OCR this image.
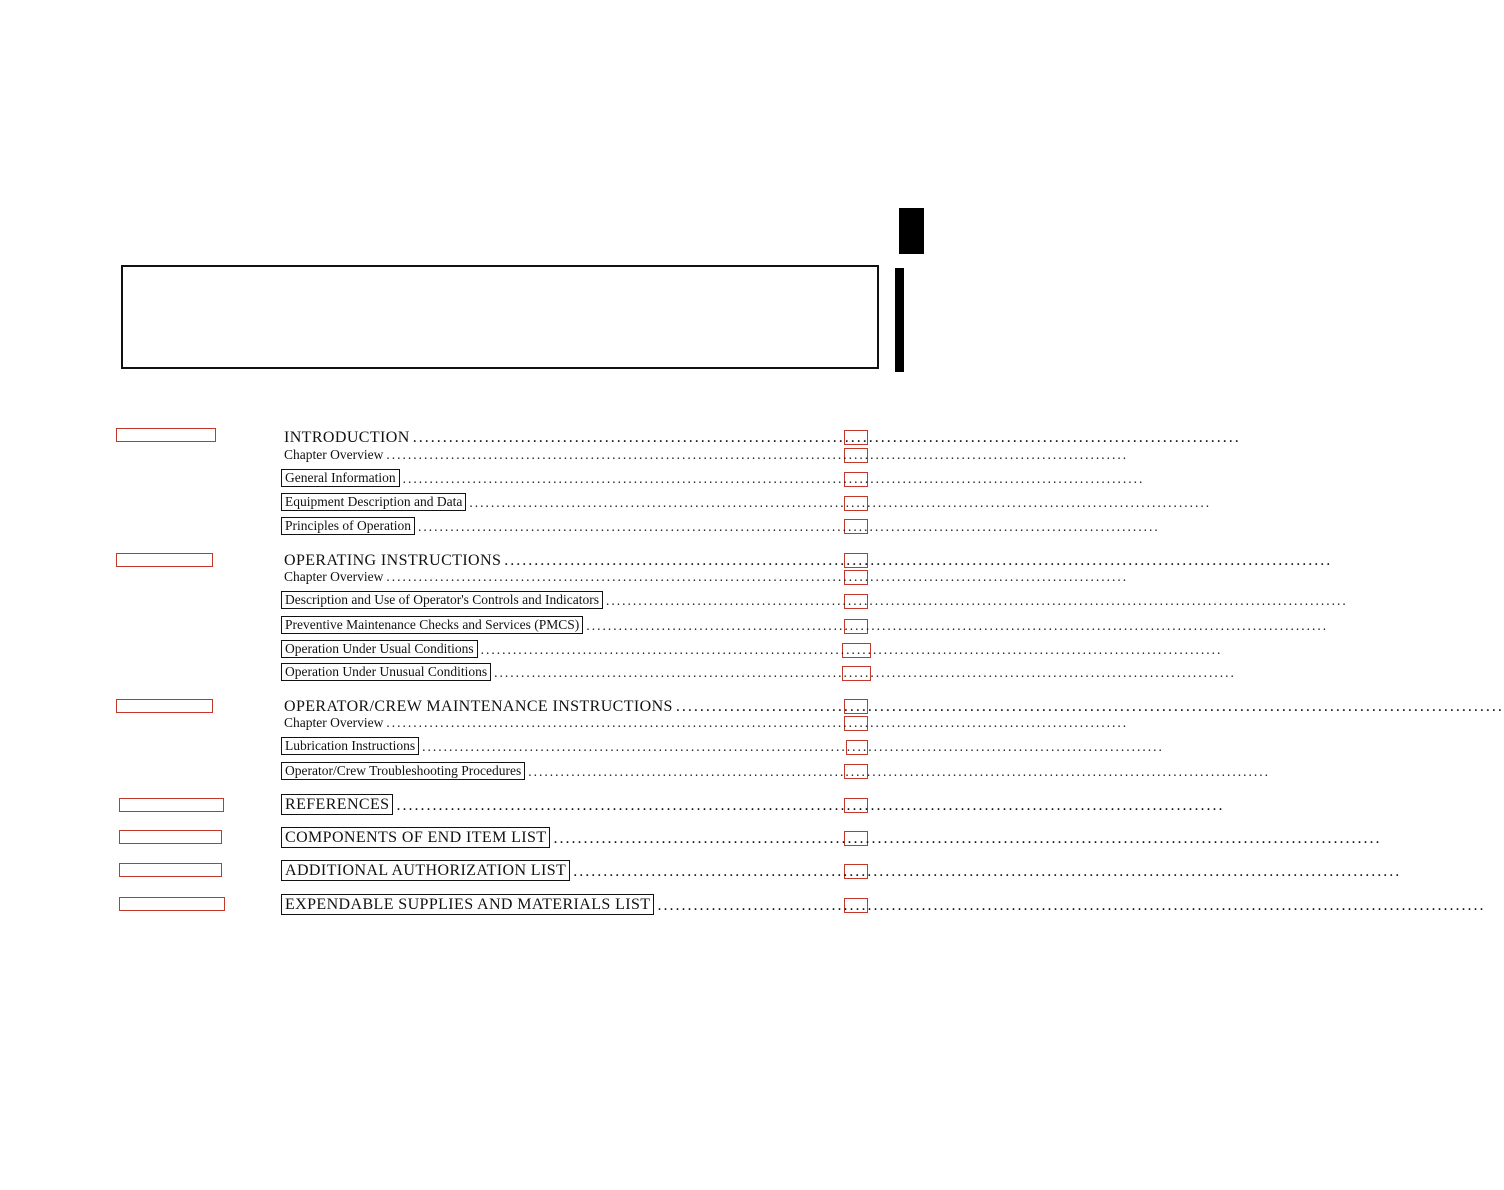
INTRODUCTION ..........................................................................................................................................
Chapter Overview ..........................................................................................................................................
General Information ..........................................................................................................................................
Equipment Description and Data ..........................................................................................................................................
Principles of Operation ..........................................................................................................................................
OPERATING INSTRUCTIONS ..........................................................................................................................................
Chapter Overview ..........................................................................................................................................
Description and Use of Operator's Controls and Indicators ..........................................................................................................................................
Preventive Maintenance Checks and Services (PMCS) ..........................................................................................................................................
Operation Under Usual Conditions ..........................................................................................................................................
Operation Under Unusual Conditions ..........................................................................................................................................
OPERATOR/CREW MAINTENANCE INSTRUCTIONS ..........................................................................................................................................
Chapter Overview ..........................................................................................................................................
Lubrication Instructions ..........................................................................................................................................
Operator/Crew Troubleshooting Procedures ..........................................................................................................................................
REFERENCES ..........................................................................................................................................
COMPONENTS OF END ITEM LIST ..........................................................................................................................................
ADDITIONAL AUTHORIZATION LIST ..........................................................................................................................................
EXPENDABLE SUPPLIES AND MATERIALS LIST ..........................................................................................................................................
